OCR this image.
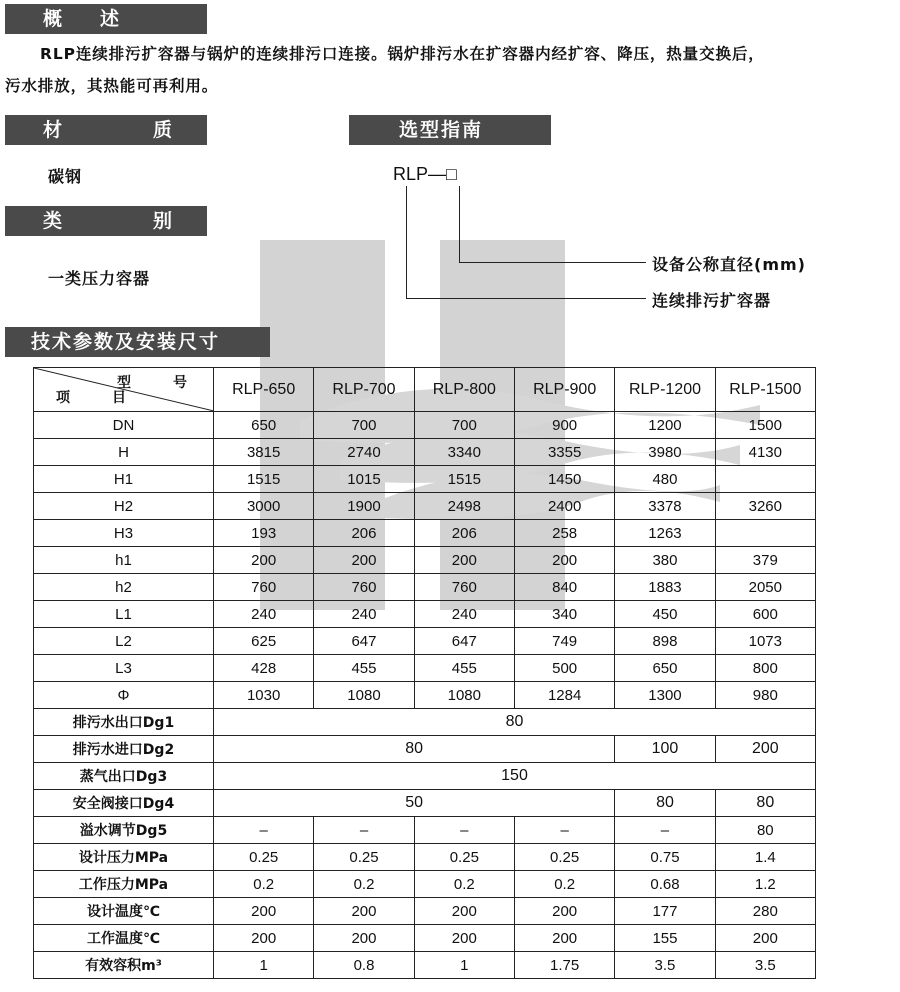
概　　述
RLP连续排污扩容器与锅炉的连续排污口连接。锅炉排污水在扩容器内经扩容、降压，热量交换后，
污水排放，其热能可再利用。
材	质
碳钢
类	别
一类压力容器
选型指南
RLP—□
设备公称直径(mm)
连续排污扩容器
技术参数及安装尺寸
型　号
项　目	RLP-650	RLP-700	RLP-800	RLP-900	RLP-1200	RLP-1500
DN	650	700	700	900	1200	1500
H	3815	2740	3340	3355	3980	4130
H1	1515	1015	1515	1450	480	
H2	3000	1900	2498	2400	3378	3260
H3	193	206	206	258	1263	
h1	200	200	200	200	380	379
h2	760	760	760	840	1883	2050
L1	240	240	240	340	450	600
L2	625	647	647	749	898	1073
L3	428	455	455	500	650	800
Φ	1030	1080	1080	1284	1300	980
排污水出口Dg1	80					
排污水进口Dg2	80				100	200
蒸气出口Dg3	150					
安全阀接口Dg4	50				80	80
溢水调节Dg5	–	–	–	–	–	80
设计压力MPa	0.25	0.25	0.25	0.25	0.75	1.4
工作压力MPa	0.2	0.2	0.2	0.2	0.68	1.2
设计温度℃	200	200	200	200	177	280
工作温度℃	200	200	200	200	155	200
有效容积m³	1	0.8	1	1.75	3.5	3.5
